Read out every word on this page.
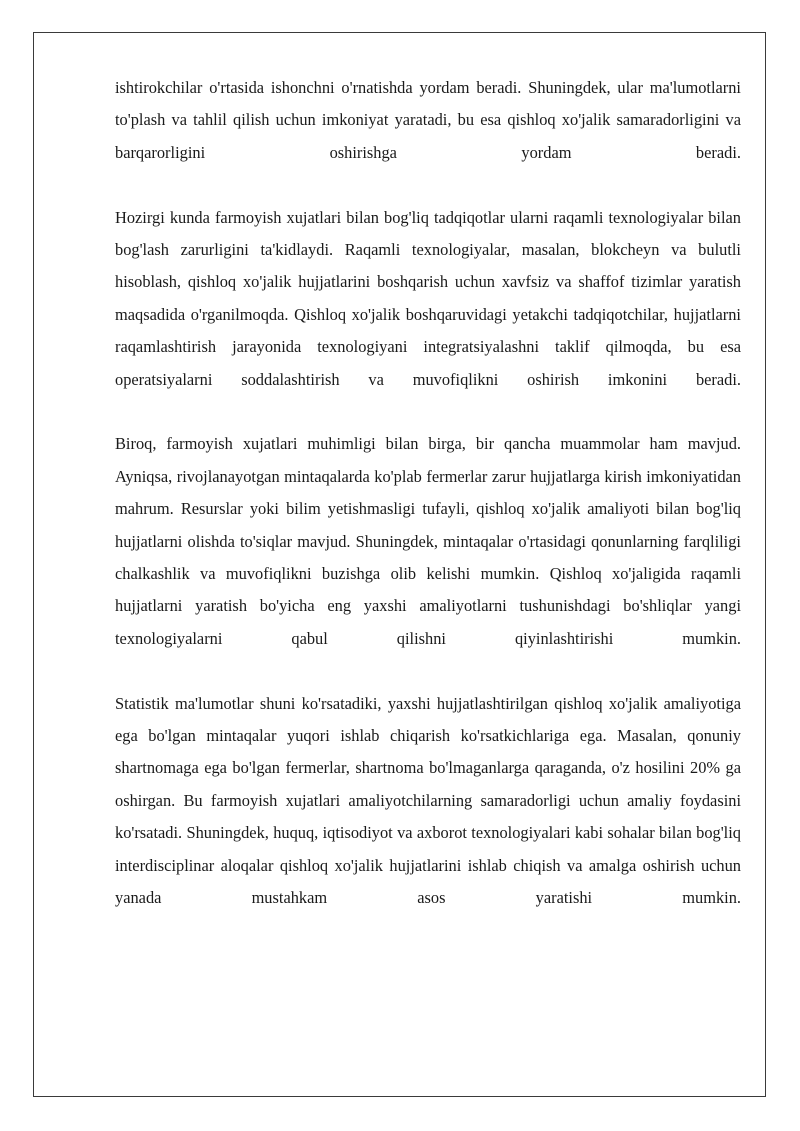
ishtirokchilar o'rtasida ishonchni o'rnatishda yordam beradi. Shuningdek, ular ma'lumotlarni to'plash va tahlil qilish uchun imkoniyat yaratadi, bu esa qishloq xo'jalik samaradorligini va barqarorligini oshirishga yordam beradi.

Hozirgi kunda farmoyish xujatlari bilan bog'liq tadqiqotlar ularni raqamli texnologiyalar bilan bog'lash zarurligini ta'kidlaydi. Raqamli texnologiyalar, masalan, blokcheyn va bulutli hisoblash, qishloq xo'jalik hujjatlarini boshqarish uchun xavfsiz va shaffof tizimlar yaratish maqsadida o'rganilmoqda. Qishloq xo'jalik boshqaruvidagi yetakchi tadqiqotchilar, hujjatlarni raqamlashtirish jarayonida texnologiyani integratsiyalashni taklif qilmoqda, bu esa operatsiyalarni soddalashtirish va muvofiqlikni oshirish imkonini beradi.

Biroq, farmoyish xujatlari muhimligi bilan birga, bir qancha muammolar ham mavjud. Ayniqsa, rivojlanayotgan mintaqalarda ko'plab fermerlar zarur hujjatlarga kirish imkoniyatidan mahrum. Resurslar yoki bilim yetishmasligi tufayli, qishloq xo'jalik amaliyoti bilan bog'liq hujjatlarni olishda to'siqlar mavjud. Shuningdek, mintaqalar o'rtasidagi qonunlarning farqliligi chalkashlik va muvofiqlikni buzishga olib kelishi mumkin. Qishloq xo'jaligida raqamli hujjatlarni yaratish bo'yicha eng yaxshi amaliyotlarni tushunishdagi bo'shliqlar yangi texnologiyalarni qabul qilishni qiyinlashtirishi mumkin.

Statistik ma'lumotlar shuni ko'rsatadiki, yaxshi hujjatlashtirilgan qishloq xo'jalik amaliyotiga ega bo'lgan mintaqalar yuqori ishlab chiqarish ko'rsatkichlariga ega. Masalan, qonuniy shartnomaga ega bo'lgan fermerlar, shartnoma bo'lmaganlarga qaraganda, o'z hosilini 20% ga oshirgan. Bu farmoyish xujatlari amaliyotchilarning samaradorligi uchun amaliy foydasini ko'rsatadi. Shuningdek, huquq, iqtisodiyot va axborot texnologiyalari kabi sohalar bilan bog'liq interdisciplinar aloqalar qishloq xo'jalik hujjatlarini ishlab chiqish va amalga oshirish uchun yanada mustahkam asos yaratishi mumkin.
